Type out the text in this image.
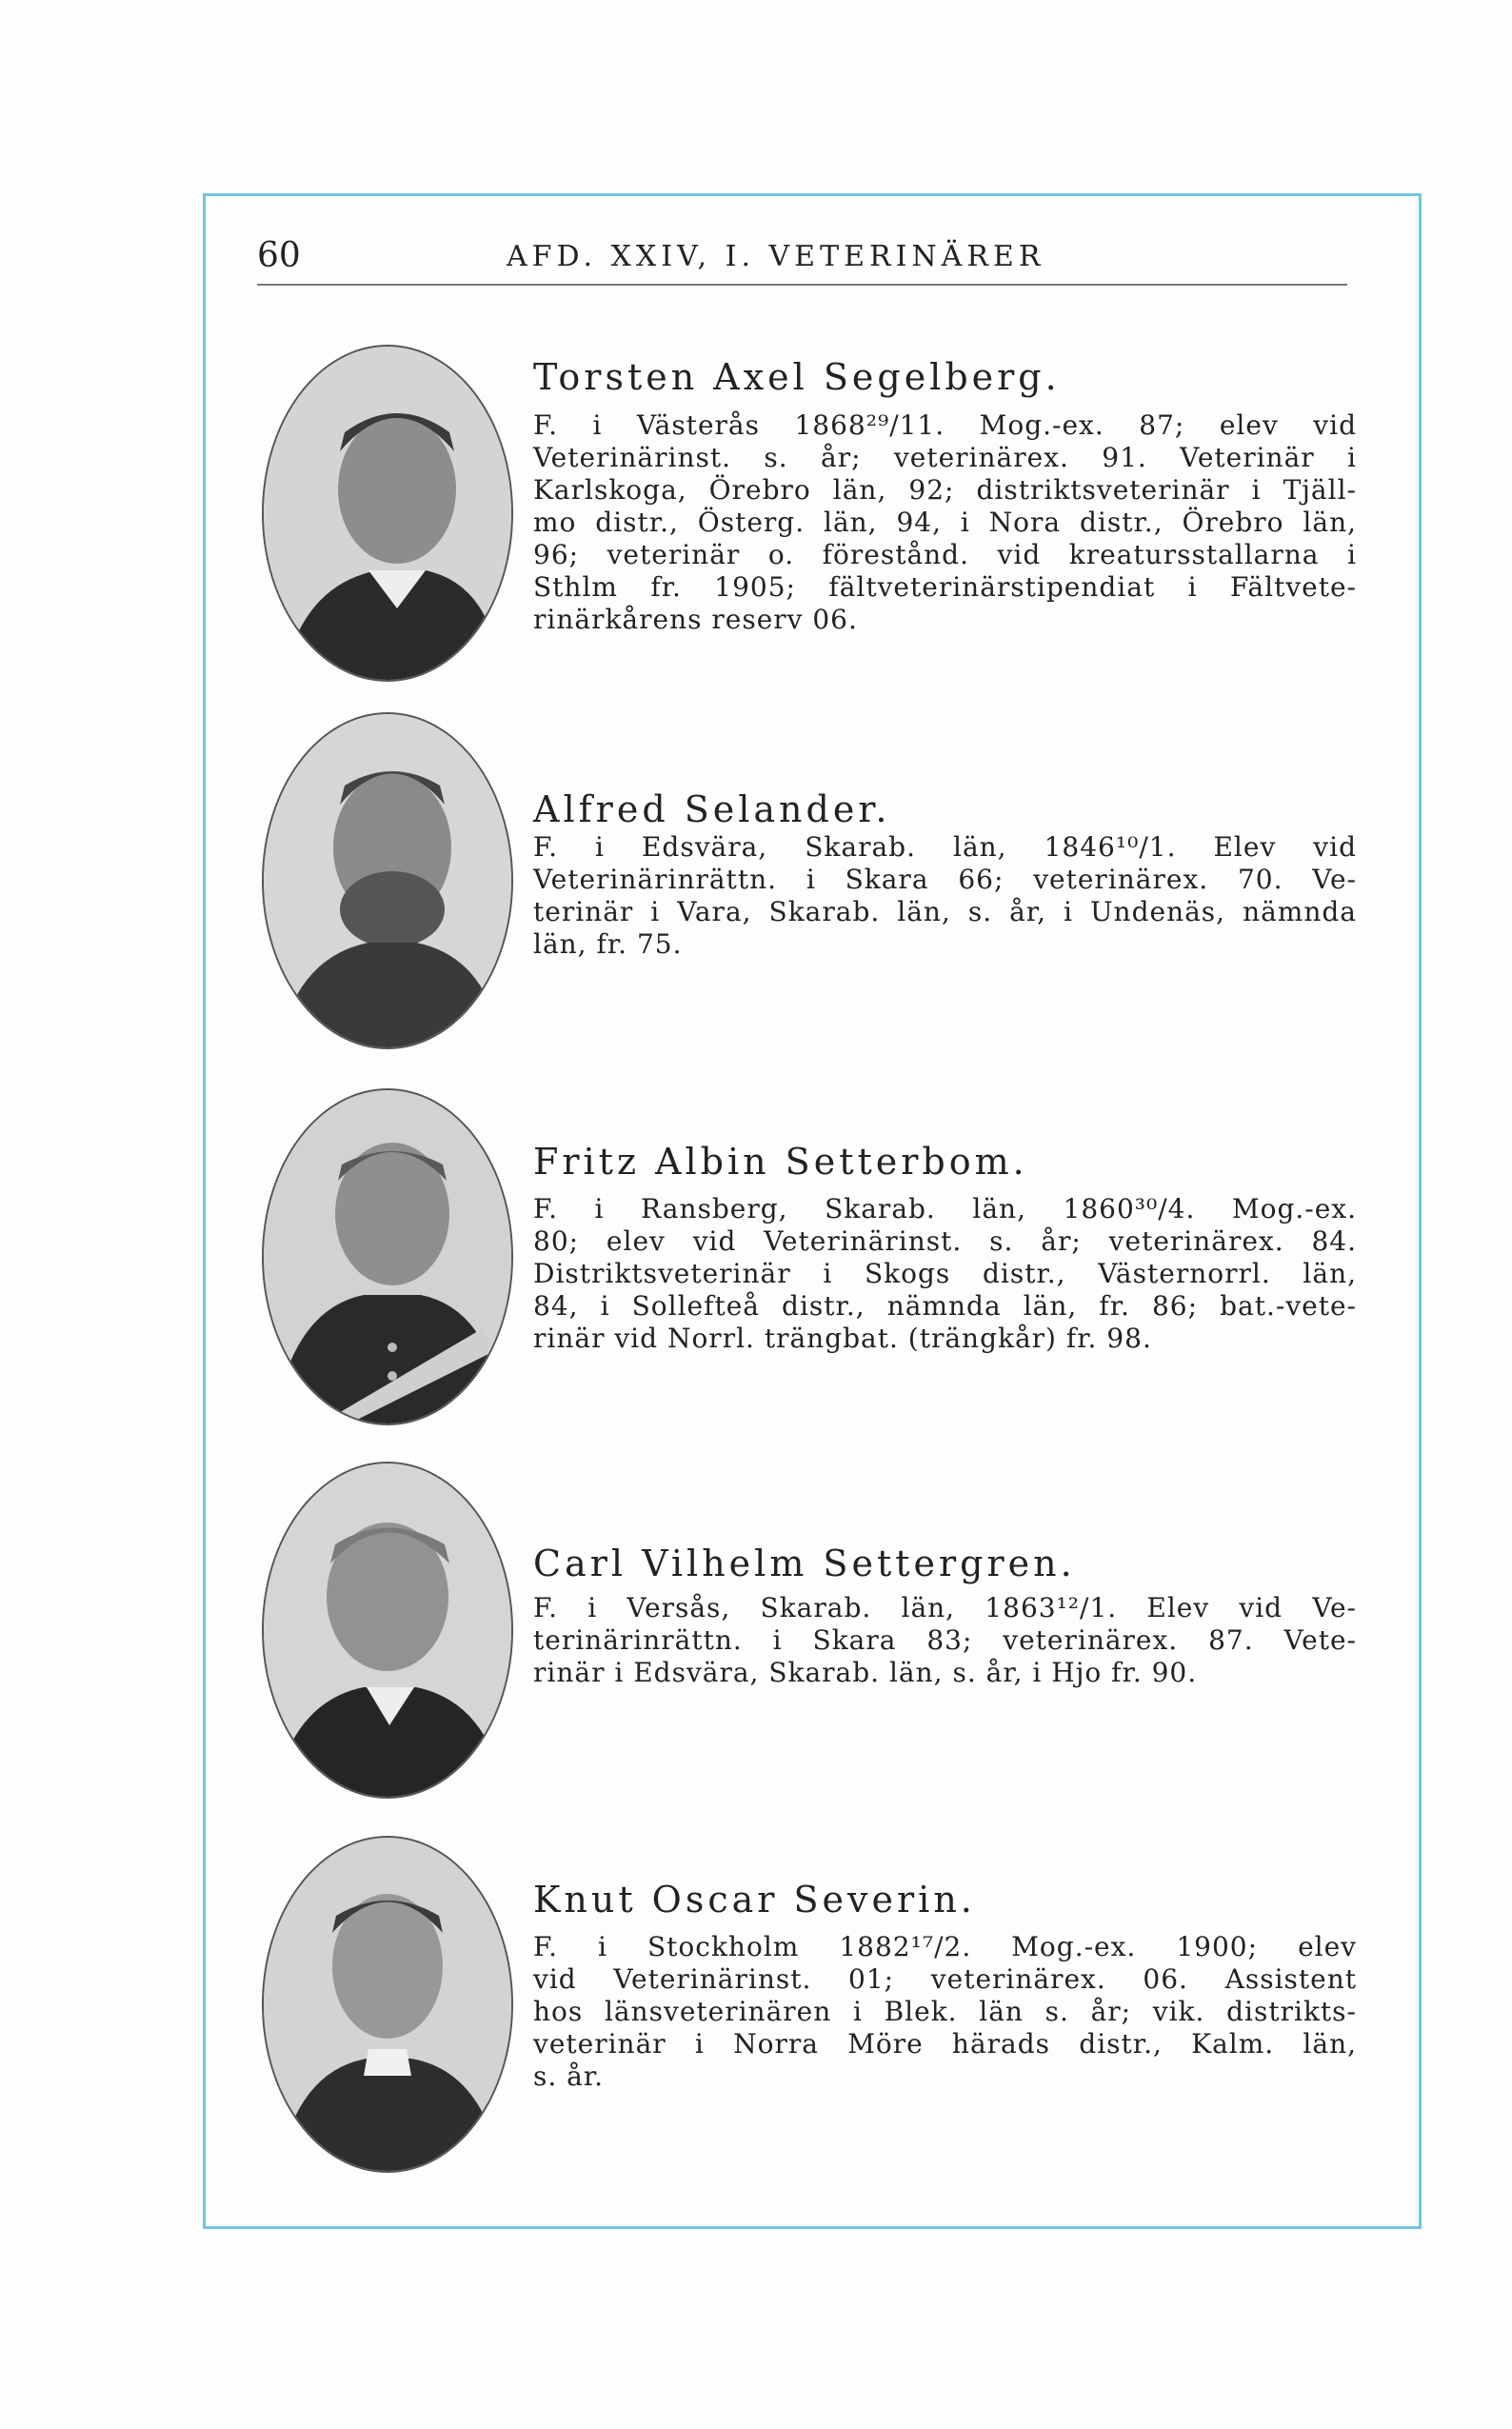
60	AFD. XXIV, I. VETERINÄRER
Torsten Axel Segelberg.
F. i Västerås 1868²⁹/11. Mog.-ex. 87; elev vid
Veterinärinst. s. år; veterinärex. 91. Veterinär i
Karlskoga, Örebro län, 92; distriktsveterinär i Tjäll-
mo distr., Österg. län, 94, i Nora distr., Örebro län,
96; veterinär o. förestånd. vid kreatursstallarna i
Sthlm fr. 1905; fältveterinärstipendiat i Fältvete-
rinärkårens reserv 06.
Alfred Selander.
F. i Edsvära, Skarab. län, 1846¹⁰/1. Elev vid
Veterinärinrättn. i Skara 66; veterinärex. 70. Ve-
terinär i Vara, Skarab. län, s. år, i Undenäs, nämnda
län, fr. 75.
Fritz Albin Setterbom.
F. i Ransberg, Skarab. län, 1860³⁰/4. Mog.-ex.
80; elev vid Veterinärinst. s. år; veterinärex. 84.
Distriktsveterinär i Skogs distr., Västernorrl. län,
84, i Sollefteå distr., nämnda län, fr. 86; bat.-vete-
rinär vid Norrl. trängbat. (trängkår) fr. 98.
Carl Vilhelm Settergren.
F. i Versås, Skarab. län, 1863¹²/1. Elev vid Ve-
terinärinrättn. i Skara 83; veterinärex. 87. Vete-
rinär i Edsvära, Skarab. län, s. år, i Hjo fr. 90.
Knut Oscar Severin.
F. i Stockholm 1882¹⁷/2. Mog.-ex. 1900; elev
vid Veterinärinst. 01; veterinärex. 06. Assistent
hos länsveterinären i Blek. län s. år; vik. distrikts-
veterinär i Norra Möre härads distr., Kalm. län,
s. år.
